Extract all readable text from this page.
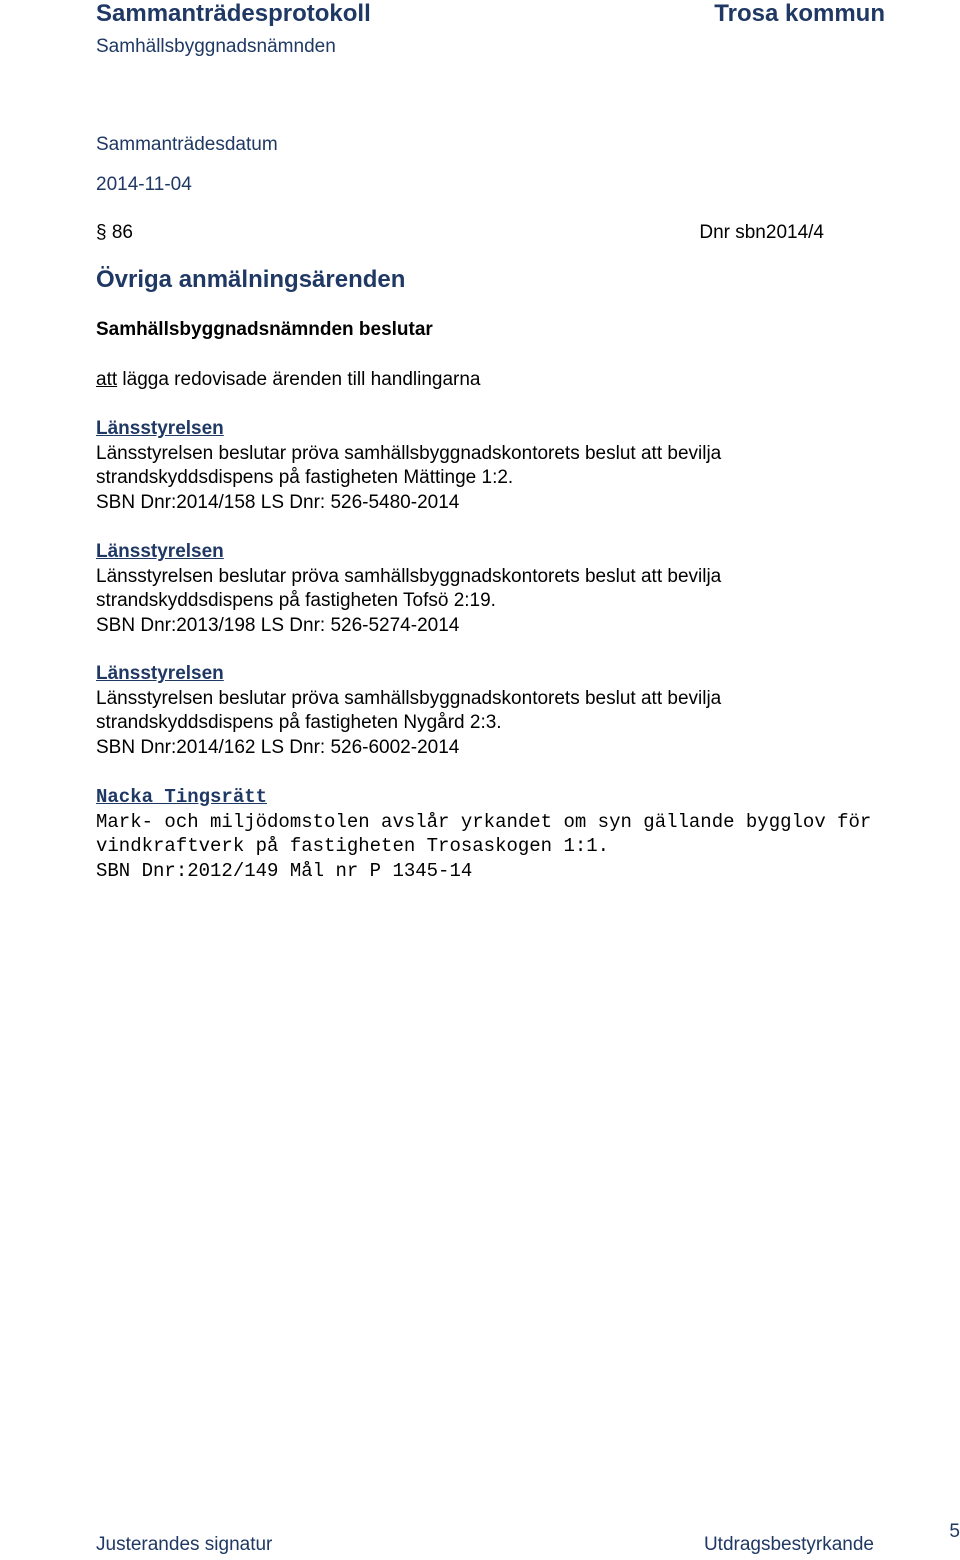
Sammanträdesprotokoll	Trosa kommun
Samhällsbyggnadsnämnden
Sammanträdesdatum
2014-11-04
§ 86	Dnr sbn2014/4
Övriga anmälningsärenden
Samhällsbyggnadsnämnden beslutar
att lägga redovisade ärenden till handlingarna
Länsstyrelsen
Länsstyrelsen beslutar pröva samhällsbyggnadskontorets beslut att bevilja
strandskyddsdispens på fastigheten Mättinge 1:2.
SBN Dnr:2014/158 LS Dnr: 526-5480-2014
Länsstyrelsen
Länsstyrelsen beslutar pröva samhällsbyggnadskontorets beslut att bevilja
strandskyddsdispens på fastigheten Tofsö 2:19.
SBN Dnr:2013/198 LS Dnr: 526-5274-2014
Länsstyrelsen
Länsstyrelsen beslutar pröva samhällsbyggnadskontorets beslut att bevilja
strandskyddsdispens på fastigheten Nygård 2:3.
SBN Dnr:2014/162 LS Dnr: 526-6002-2014
Nacka Tingsrätt
Mark- och miljödomstolen avslår yrkandet om syn gällande bygglov för
vindkraftverk på fastigheten Trosaskogen 1:1.
SBN Dnr:2012/149 Mål nr P 1345-14
Justerandes signatur	Utdragsbestyrkande
5
